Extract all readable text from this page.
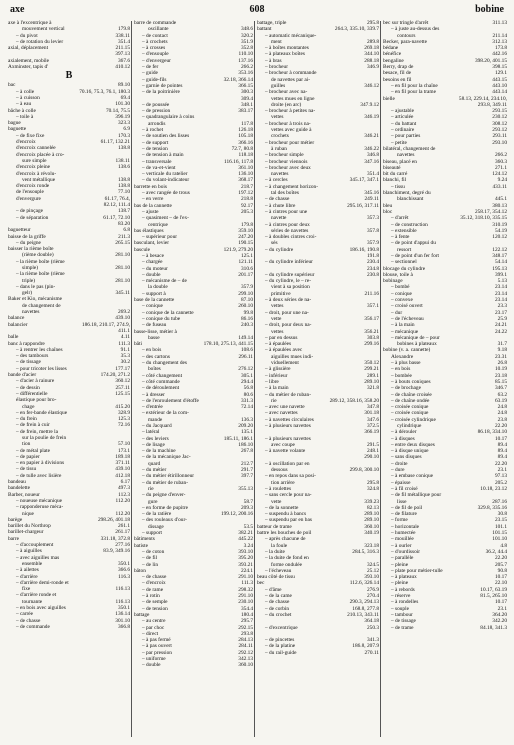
axe	608	bobine
axe à l'excentrique à
mouvement vertical	179.8
– du pivot	338.11
– de rotation du levier	351.4
axial, déplacement	211.15
397.13
axialement, mobile	367.6
Axminster, tapis d'	410.12
B
bac	89.10
– à colle	70.16, 75.3, 76.1, 180.3
– à cuisson	69.4
– à eau	101.30
bâche à colle	70.14, 75.5
– toile à	396.19
bague	323.3
baguette	6.9
– de fixe fixe	170.3
d'encroix	61.17, 132.21
d'encroix cannelée	138.8
d'encroix placée à cro-
sure simple	138.11
d'encroix pleine	138.6
d'encroix à révolu-
vent métallique	138.8
d'encroix ronde	138.8
de l'ensouple	77.10
d'envergure	61.17, 76.4,
82.12, 111.4
– de pinçage	138.7
– de séparation	61.17, 72.10
83.20
baguetteur	6.8
baisse de la griffe	211.3
– du peigne	265.15
baisser la rième boîte
(rième double)	281.10
– la rième boîte (rième
simple)	281.10
– la rième boîte (rième
triple)	281.10
– dans le pas (pin-
gelr)	345.11
Baker et Kio, mécanisme
de changement de
navettes	269.2
balance	439.10
balancier	186.18, 210.17, 274.9,
411.1
balle	4.11
banc à rappondre	111.3
– à rentrer les chaînes	91.1
– des tambours	35.3
– de tissage	30.2
– pour tricoter les lisses	177.17
bande d'acier	174.20, 271.2
– d'acier à rainure	360.12
– de dessin	257.11
– différentielle	125.15
élastique pour bro-
chage	415.20
– en fer-bande élastique	328.9
– du frein	125.3
– de frein à cuir	72.16
– de frein, mettre la
sur la poulie de frein
tion	57.10
– de métal plate	173.1
– de papier	189.18
– en papier à divisions	371.11
– de tissu	439.10
– de tulle avec lisière	412.18
bandeau	6.17
bandelette	497.3
Barber, noueur	112.3
– noueuse mécanique	112.20
– rapponderuse méca-
nique	112.20
barège	298.26, 401.18
barillet du Northrop	261.1
barillet-chargeur	261.17
barre	331.18, 372.8
– d'accouplement	277.16
– à aiguilles	83.9, 349.16
– avec aiguilles mas
ensemble	350.1
– à ailettes	366.6
– d'arrière	116.3
– d'arrière demi-ronde et
fixe	116.13
– d'arrière ronde et
tournante	116.13
– en bois avec aiguilles	350.1
– carrée	136.14
– de chasse	301.10
– de commande	366.8
barre de commande
oscillante	348.6
– de contact	320.2
– à crochets	351.9
– à crosses	352.8
– d'ensouple	110.10
– d'envergeur	137.16
– de fer	266.2
– guide	353.16
– guide-fils	32.18, 366.14
– garnie de pointes	366.15
– de la poitrinière	300.3
309.4
– de poussée	348.1
– de pression	383.17
– quadrangulaire à coins
arrondis	117.8
– à rochet	126.18
– de soutien des lisses	105.18
– de support	366.16
– de tension	72.7, 80.8
– de tension à main	118.18
– transversale	116.16, 117.8
– de va-et-vient	361.10
– verticale du ratelier	136.10
– du volant-indicateur	368.17
barrette en bois	218.7
– avec rangée de trous	197.12
– en verre	218.8
bas de la cannette	92.17
– ajuste	205.3
– quasiment – de l'ex-
centrique	179.8
bas élastiques	359.10
– supérieur pour	247.20
basculant, levier	190.15
bascule	121.9, 279.20
– à besace	125.1
– chargée	121.11
– du moteur	310.6
– double	201.17
– mécanisme de – de
la double	357.9
– support à	299.10
base de la cannette	87.10
– conique	260.10
– conique de la cannette	99.8
– conique du tube	86.16
– de fuseau	240.3
basse-lisse, métier à
basse	149.14
bâti	178.10, 275.13, 441.15
– en bois	108.6
– des cartons	296.11
– du changement des
boîtes	276.12
– côté changement	305.1
– côté commande	294.4
– de déroulement	56.8
– à dresser	80.6
– de l'enroulement d'étoffe	331.3
– d'entrée	72.14
– extérieur de la com-
mande	136.3
– du Jacquard	209.20
– latéral	135.1
– des leviers	185.11, 186.1
– de lisage	186.10
– de la machine	267.8
– de la mécanique Jac-
quard	212.7
– du métier	291.7
– du métier étirillonneur	397.7
– du métier de ruban-
rie	355.13
– du peigne d'enver-
gure	58.7
– en forme de pupitre	209.3
– de la ratière	199.12, 200.16
– des rouleaux d'our-
dissage	53.5
– support	382.21
bâtiments	445.22
batiste	3.24
– de coton	393.10
– de fil	395.20
– de lin	393.21
bâton	224.1
– de chasse	291.10
– d'encroix	111.3
– de rame	298.32
– à rotin	291.10
– de semple	230.10
– de tension	354.4
battage	180.4
– au centre	295.7
– par choc	292.15
– direct	293.8
– à pas fermé	284.13
– à pas ouvert	284.11
– par pression	292.12
– uniforme	342.13
– double	360.10
battage, triple	295.8
battant	264.3, 335.10, 339.7
– automatic mécanique-
ment	289.8
– à boîtes montantes	269.18
– à plateaux boîtes	344.10
– à bras	288.18
– brocheur	346.9
– brocheur à commande
de navettes par ai-
guilles	346.12
– brocheur avec na-
vettes mues en ligne
droite (en arc)	347.9.12
– brocheur à petites na-
vettes	346.19
– brocheur à trois na-
vettes avec guide à
crochets	346.21
– brocheur pour métier
à ruban	346.22
– brocheur simple	346.8
– brocheur viennois	347.16
– brocheur avec deux
navettes	351.4
– à cercles	345.17, 347.1
– à changement horizon-
tal des boîtes	345.16
– de chasse	249.11
– à chute libre	295.16, 317.11
– à cintres pour une
navette	357.3
– à cintres pour deux
séries de navettes	357.8
– à doubles cintres croi-
sés	357.9
– du cylindre	186.16, 190.8
191.8
– du cylindre inférieur	230.4
234.8
– du cylindre supérieur	230.8
– du cylindre, le – re-
vient à sa position
primitive	211.16
– à deux séries de na-
vettes	357.1
– droit, pour une na-
vette	356.17
– droit, pour deux na-
vettes	356.21
– par en dessus	303.8
– à épaulées	299.16
– à épaulées avec
aiguilles mues indi-
viduellement	350.12
– à glissière	299.21
– inférieur	289.1
– libre	289.10
– à la main	321.8
– du métier de ruban-
rie	289.12, 358.16, 358.20
– avec une navette	347.8
– avec navettes	301.18
– à navettes circulaires	347.6
– à plusieurs navettes	372.5
366.19
– à plusieurs navettes
avec coupe	291.5
– à navette volante	248.1
290.10
– à oscillation par en
dessous	299.8, 300.10
– en repos dans sa posi-
tion arrière	295.8
– à roulettes	324.8
– sans cercle pour na-
vette	339.23
– de la sonnette	82.13
– suspendu à bancs	289.10
– suspendu par en bas	289.10
batteur de trame	360.10
battre les bouches de poil	340.19
– après chacune de
la foule	323.18
– la duite	284.5, 316.3
– la duite de fond en
forme ondulée	324.5
– l'écheveau	25.12
beau côté de tissu	393.10
bec	112.6, 326.14
– d'âme	276.9
– de la came	270.4
– de chasse	290.3, 294.13
– de corbin	168.8, 277.8
– du crochet	210.13, 343.11
364.18
– d'excentrique	250.3
– de pincettes	341.3
– de la platine	186.8, 207.9
– du rail-guide	270.11
bec sur tringle d'arrêt	311.13
– à juste au-dessus des
contours	211.14
Becker, para-navette	312.13
bédane	173.8
bénéfice	442.16
bengaline	398.20, 401.15
Berry, drap de	398.15
besace, fil de	129.1
besoins en fil	443.15
– en fil pour la chaîne	443.10
– en fil pour la trame	443.14
bielle	58.13, 229.14, 234.10,
293.8, 349.11
– ajustable	293.15
– articulée	230.12
– du battant	308.12
– ordinaire	293.12
– pour parties	293.11
– petite	293.10
bilatéral, changement de
navettes	266.2
biseau, placé en	360.3
biseauté	271.1
bit du carré	124.12
blanchi, fil	9.24
– tissu	433.11
blanchiment, degré du
blanchissant	445.1
bleu	380.13
bloc	258.17, 354.12
– d'arrêt	35.12, 318.10, 335.15
– de construction	310.19
– extensible	54.19
– à fente	120.12
– de point d'appui du
ressort	122.12
– de point d'un fer fort	348.17
– sectionnel	54.14
blocage du cylindre	195.13
blouse, toile à	399.1
bobinage	5.13
– bombé	23.14
– conique	23.14
– convexe	23.14
– croisé ouvert	23.3
– dur	23.17
– de l'écheveau	25.9
– à la main	24.21
– mécanique	24.22
– mécanique de – pour
bobines à plateaux	31.7
bobine (v. a. cannette)	9.18
Alexandre	23.31
– à plus basse	26.8
– en bois	10.19
– bombée	23.18
– à bouts coniques	85.15
– de brochage	346.7
– de chaîne croisée	63.2
– de chaîne ondée	63.19
– croisée conique	24.8
– croisée conique	24.8
– croisée cylindrique	23.8
cylindrique	22.20
– à dérouler	86.18, 334.10
– à disques	10.17
– entre deux disques	89.4
– à disque unique	89.4
– sans disques	89.4
– droite	22.20
– dure	23.1
– à embase conique	97.13
– épaisse	205.2
– à fil croisé	10.18, 23.12
– de fil métallique pour
lisse	287.16
– de fil de poil	329.8, 335.16
– de filature	30.8
– forme	23.15
– horizontale	101.1
– humectée	101.15
– mouillée	101.10
– à ourler	4.8
– d'ourdissoir	36.2, 44.4
– parallèle	22.20
– pleine	205.7
– plate pour métier-tulle	90.8
– à plateaux	10.17
– pleine	22.10
– à rebords	10.17, 63.19
– réserve	81.5, 265.10
– à rondelles	10.17
– souple	23.1
– tambour	364.20
– de tissage	342.20
– de trame	84.18, 341.3
